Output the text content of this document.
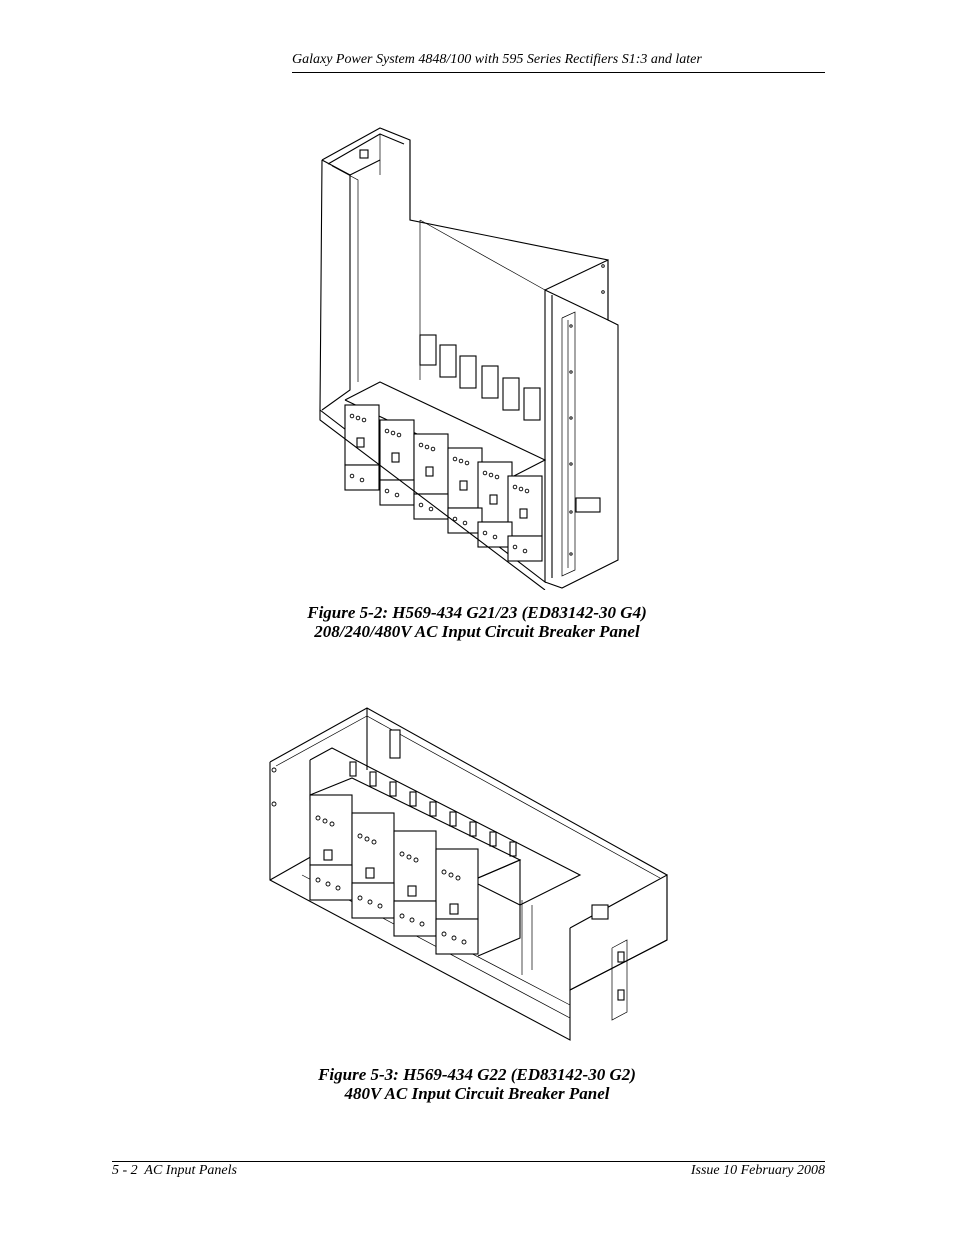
Galaxy Power System 4848/100 with 595 Series Rectifiers S1:3 and later
Figure 5-2: H569-434 G21/23 (ED83142-30 G4)
208/240/480V AC Input Circuit Breaker Panel
Figure 5-3: H569-434 G22 (ED83142-30 G2)
480V AC Input Circuit Breaker Panel
5 - 2  AC Input Panels	Issue 10 February 2008
